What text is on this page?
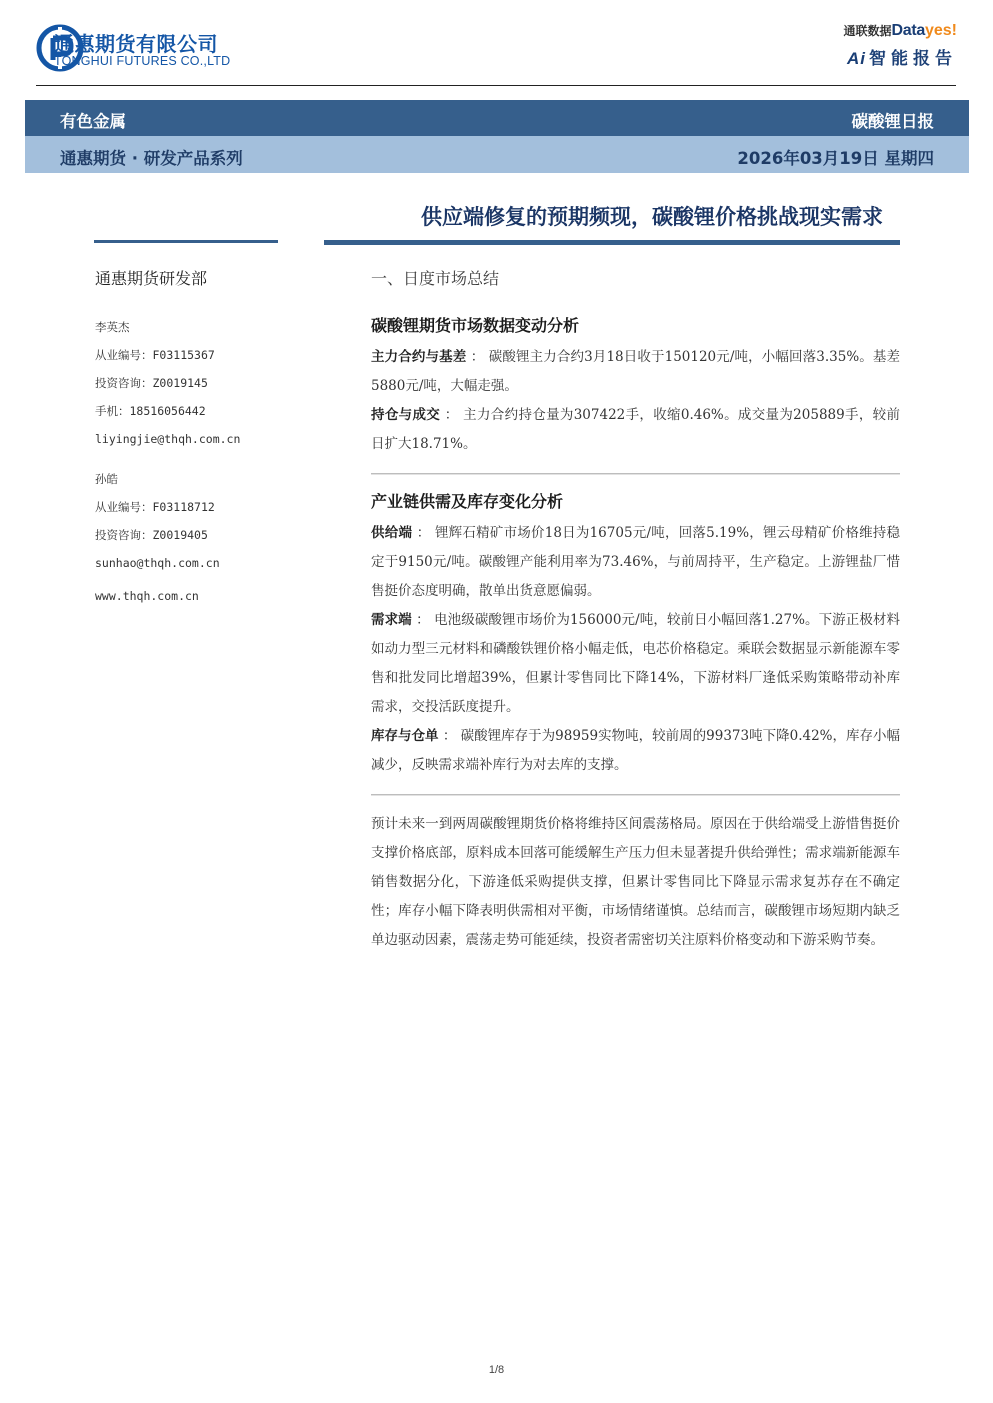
通惠期货有限公司
TONGHUI FUTURES CO.,LTD
通联数据Datayes!
Ai 智能报告
有色金属	碳酸锂日报
通惠期货 · 研发产品系列	2026年03月19日 星期四
供应端修复的预期频现，碳酸锂价格挑战现实需求
通惠期货研发部
李英杰
从业编号：F03115367
投资咨询：Z0019145
手机：18516056442
liyingjie@thqh.com.cn
孙皓
从业编号：F03118712
投资咨询：Z0019405
sunhao@thqh.com.cn
www.thqh.com.cn
一、日度市场总结
碳酸锂期货市场数据变动分析

主力合约与基差 ： 碳酸锂主力合约3月18日收于150120元/吨，小幅回落3.35%。基差5880元/吨，大幅走强。

持仓与成交 ： 主力合约持仓量为307422手，收缩0.46%。成交量为205889手，较前日扩大18.71%。

产业链供需及库存变化分析

供给端 ： 锂辉石精矿市场价18日为16705元/吨，回落5.19%，锂云母精矿价格维持稳定于9150元/吨。碳酸锂产能利用率为73.46%，与前周持平，生产稳定。上游锂盐厂惜售挺价态度明确，散单出货意愿偏弱。

需求端 ： 电池级碳酸锂市场价为156000元/吨，较前日小幅回落1.27%。下游正极材料如动力型三元材料和磷酸铁锂价格小幅走低，电芯价格稳定。乘联会数据显示新能源车零售和批发同比增超39%，但累计零售同比下降14%，下游材料厂逢低采购策略带动补库需求，交投活跃度提升。

库存与仓单 ： 碳酸锂库存于为98959实物吨，较前周的99373吨下降0.42%，库存小幅减少，反映需求端补库行为对去库的支撑。

预计未来一到两周碳酸锂期货价格将维持区间震荡格局。原因在于供给端受上游惜售挺价支撑价格底部，原料成本回落可能缓解生产压力但未显著提升供给弹性；需求端新能源车销售数据分化，下游逢低采购提供支撑，但累计零售同比下降显示需求复苏存在不确定性；库存小幅下降表明供需相对平衡，市场情绪谨慎。总结而言，碳酸锂市场短期内缺乏单边驱动因素，震荡走势可能延续，投资者需密切关注原料价格变动和下游采购节奏。

1/8
